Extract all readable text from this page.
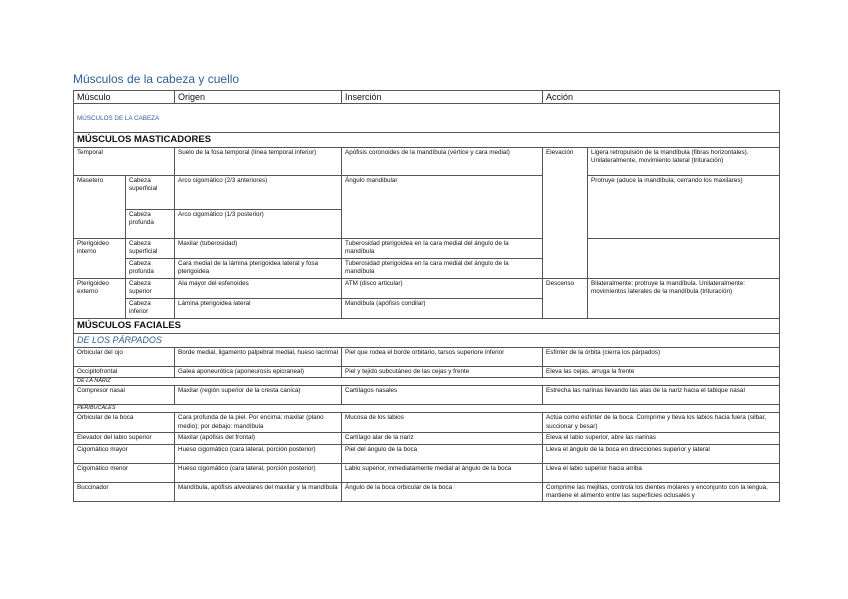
Músculos de la cabeza y cuello
Músculo		Origen	Inserción	Acción	
MÚSCULOS DE LA CABEZA					
MÚSCULOS MASTICADORES					
Temporal		Suelo de la fosa temporal (línea temporal inferior)	Apófisis coronoides de la mandíbula (vértice y cara medial)	Elevación	Ligera retropulsión de la mandíbula (fibras horizontales). Unilateralmente, movimiento lateral (trituración)
Masetero	Cabeza superficial	Arco cigomático (2/3 anteriores)	Ángulo mandibular		Protruye (aduce la mandíbula, cerrando los maxilares)
	Cabeza profunda	Arco cigomático (1/3 posterior)			
Pterigoideo interno	Cabeza superficial	Maxilar (tuberosidad)	Tuberosidad pterigoidea en la cara medial del ángulo de la mandíbula		
	Cabeza profunda	Cara medial de la lámina pterigoidea lateral y fosa pterigoidea	Tuberosidad pterigoidea en la cara medial del ángulo de la mandíbula		
Pterigoideo externo	Cabeza superior	Ala mayor del esfenoides	ATM (disco articular)	Descenso	Bilateralmente: protruye la mandíbula. Unilateralmente: movimientos laterales de la mandíbula (trituración)
	Cabeza inferior	Lámina pterigoidea lateral	Mandíbula (apófisis condilar)		
MÚSCULOS FACIALES					
DE LOS PÁRPADOS					
Orbicular del ojo		Borde medial, ligamento palpebral medial, hueso lacrimal	Piel que rodea el borde orbitario, tarsos superiore inferior	Esfínter de la órbita (cierra los párpados)	
Occipitofrontal		Galea aponeurótica (aponeurosis epicraneal)	Piel y tejido subcutáneo de las cejas y frente	Eleva las cejas, arruga la frente	
DE LA NARIZ					
Compresor nasal		Maxilar (región superior de la cresta canica)	Cartílagos nasales	Estrecha las narinas llevando las alas de la nariz hacia el tabique nasal	
PERIBUCALES					
Orbicular de la boca		Cara profunda de la piel. Por encima: maxilar (plano medio); por debajo: mandíbula	Mucosa de los labios	Actúa como esfínter de la boca. Comprime y lleva los labios hacia fuera (silbar, succionar y besar)	
Elevador del labio superior		Maxilar (apófisis del frontal)	Cartílago alar de la nariz	Eleva el labio superior, abre las narinas	
Cigomático mayor		Hueso cigomático (cara lateral, porción posterior)	Piel del ángulo de la boca	Lleva el ángulo de la boca en direcciones superior y lateral	
Cigomático menor		Hueso cigomático (cara lateral, porción posterior)	Labio superior, inmediatamente medial al ángulo de la boca	Lleva el labio superior hacia arriba	
Buccinador		Mandíbula, apófisis alveolares del maxilar y la mandíbula	Ángulo de la boca orbicular de la boca	Comprime las mejillas, controla los dientes molares y enconjunto con la lengua, mantiene el alimento entre las superficies oclusales y	
